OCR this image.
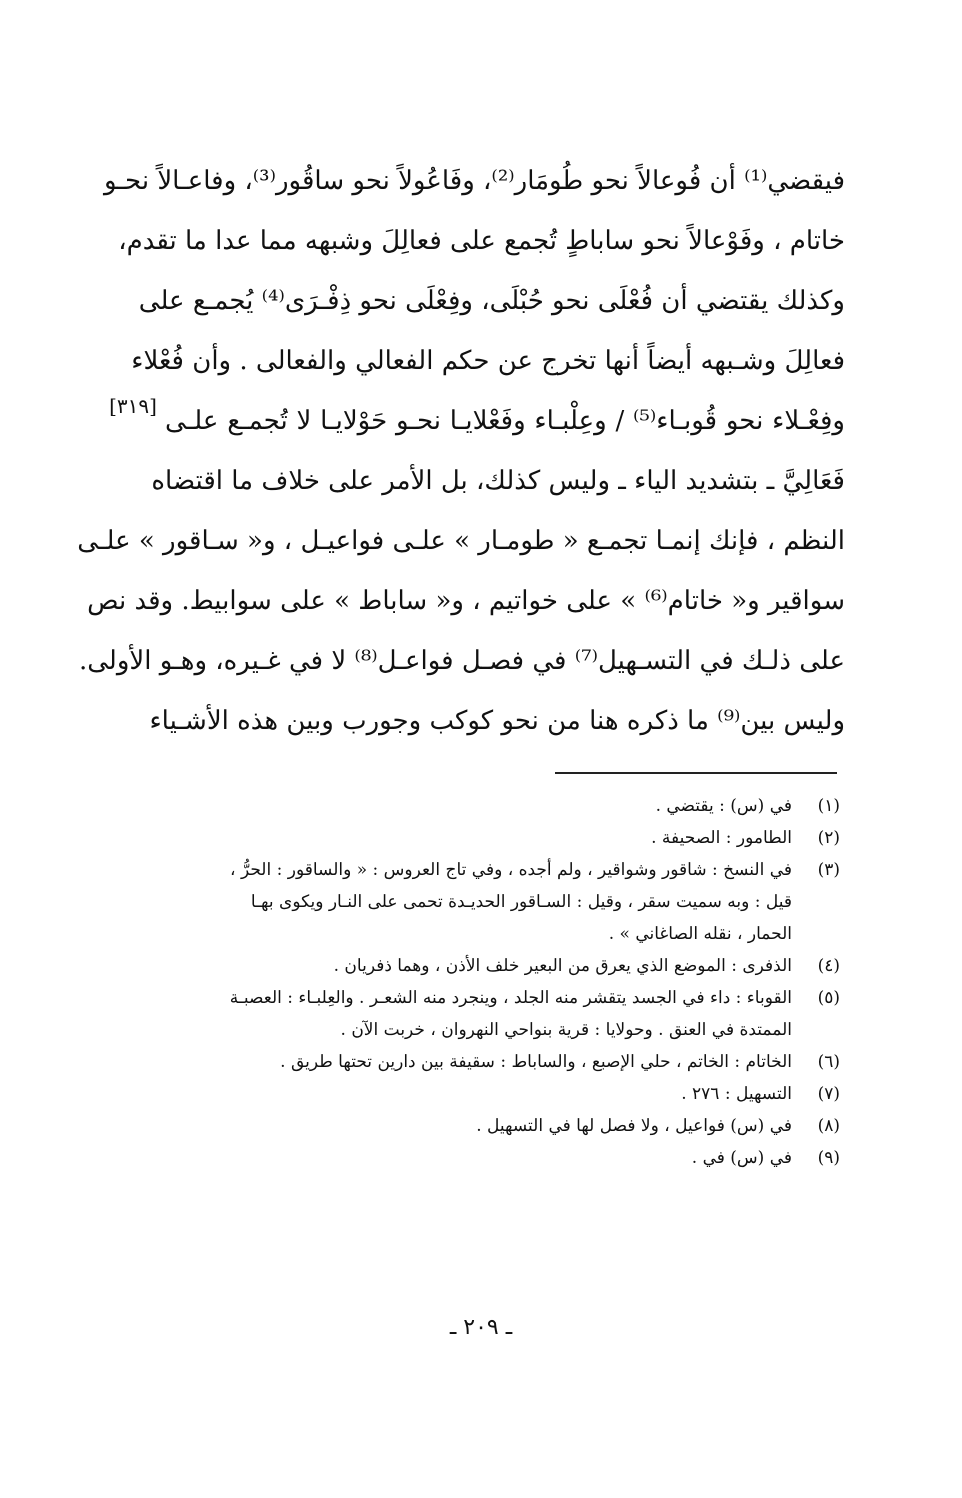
فيقضي⁽¹⁾ أن فُوعالاً نحو طُومَار⁽²⁾، وفَاعُولاً نحو ساقُور⁽³⁾، وفاعـالاً نحـو
خاتام ، وفَوْعالاً نحو ساباطٍ تُجمع على فعالِلَ وشبهه مما عدا ما تقدم،
وكذلك يقتضي أن فُعْلَى نحو حُبْلَى، وفِعْلَى نحو ذِفْـرَى⁽⁴⁾ يُجمـع على
فعالِلَ وشـبهه أيضاً أنها تخرج عن حكم الفعالي والفعالى . وأن فُعْلاء
وفِعْـلاء نحو قُوبـاء⁽⁵⁾ / وعِلْبـاء وفَعْلايـا نحـو حَوْلايـا لا تُجمـع علـى
فَعَالِيَّ ـ بتشديد الياء ـ وليس كذلك، بل الأمر على خلاف ما اقتضاه
النظم ، فإنك إنمـا تجمـع « طومـار » علـى فواعيـل ، و« سـاقور » علـى
سواقير و« خاتام⁽⁶⁾ » على خواتيم ، و« ساباط » على سوابيط. وقد نص
على ذلـك في التسـهيل⁽⁷⁾ في فصـل فواعـل⁽⁸⁾ لا في غـيره، وهـو الأولى.
وليس بين⁽⁹⁾ ما ذكره هنا من نحو كوكب وجورب وبين هذه الأشـياء
[٣١٩]
(١)
في (س) : يقتضي .
(٢)
الطامور : الصحيفة .
(٣)
في النسخ : شاقور وشواقير ، ولم أجده ، وفي تاج العروس : « والساقور : الحرُّ ،
قيل : وبه سميت سقر ، وقيل : السـاقور الحديـدة تحمى على النـار ويكوى بهـا
الحمار ، نقله الصاغاني » .
(٤)
الذفرى : الموضع الذي يعرق من البعير خلف الأذن ، وهما ذفريان .
(٥)
القوباء : داء في الجسد يتقشر منه الجلد ، وينجرد منه الشعـر . والعِلبـاء : العصبـة
الممتدة في العنق . وحولايا : قرية بنواحي النهروان ، خربت الآن .
(٦)
الخاتام : الخاتم ، حلي الإصبع ، والساباط : سقيفة بين دارين تحتها طريق .
(٧)
التسهيل : ٢٧٦ .
(٨)
في (س) فواعيل ، ولا فصل لها في التسهيل .
(٩)
في (س) في .
ـ ٢٠٩ ـ
